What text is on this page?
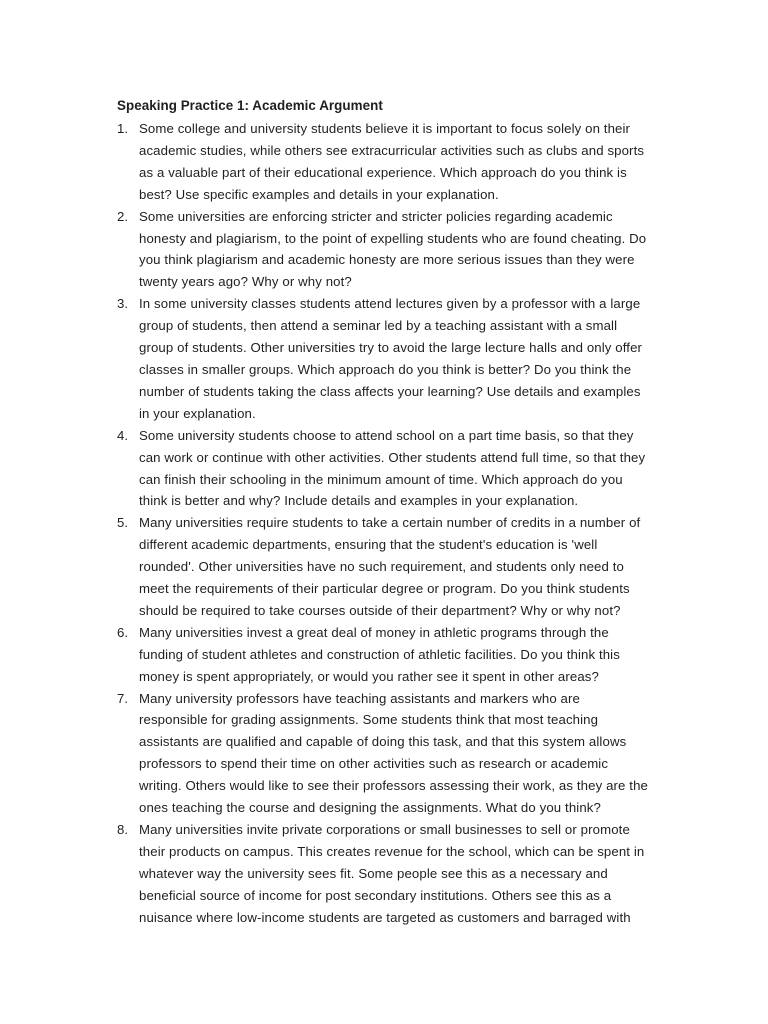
Speaking Practice 1: Academic Argument
1. Some college and university students believe it is important to focus solely on their
academic studies, while others see extracurricular activities such as clubs and sports
as a valuable part of their educational experience. Which approach do you think is
best? Use specific examples and details in your explanation.
2. Some universities are enforcing stricter and stricter policies regarding academic
honesty and plagiarism, to the point of expelling students who are found cheating. Do
you think plagiarism and academic honesty are more serious issues than they were
twenty years ago? Why or why not?
3. In some university classes students attend lectures given by a professor with a large
group of students, then attend a seminar led by a teaching assistant with a small
group of students. Other universities try to avoid the large lecture halls and only offer
classes in smaller groups. Which approach do you think is better? Do you think the
number of students taking the class affects your learning? Use details and examples
in your explanation.
4. Some university students choose to attend school on a part time basis, so that they
can work or continue with other activities. Other students attend full time, so that they
can finish their schooling in the minimum amount of time. Which approach do you
think is better and why? Include details and examples in your explanation.
5. Many universities require students to take a certain number of credits in a number of
different academic departments, ensuring that the student's education is 'well
rounded'. Other universities have no such requirement, and students only need to
meet the requirements of their particular degree or program. Do you think students
should be required to take courses outside of their department? Why or why not?
6. Many universities invest a great deal of money in athletic programs through the
funding of student athletes and construction of athletic facilities. Do you think this
money is spent appropriately, or would you rather see it spent in other areas?
7. Many university professors have teaching assistants and markers who are
responsible for grading assignments. Some students think that most teaching
assistants are qualified and capable of doing this task, and that this system allows
professors to spend their time on other activities such as research or academic
writing. Others would like to see their professors assessing their work, as they are the
ones teaching the course and designing the assignments. What do you think?
8. Many universities invite private corporations or small businesses to sell or promote
their products on campus. This creates revenue for the school, which can be spent in
whatever way the university sees fit. Some people see this as a necessary and
beneficial source of income for post secondary institutions. Others see this as a
nuisance where low-income students are targeted as customers and barraged with
